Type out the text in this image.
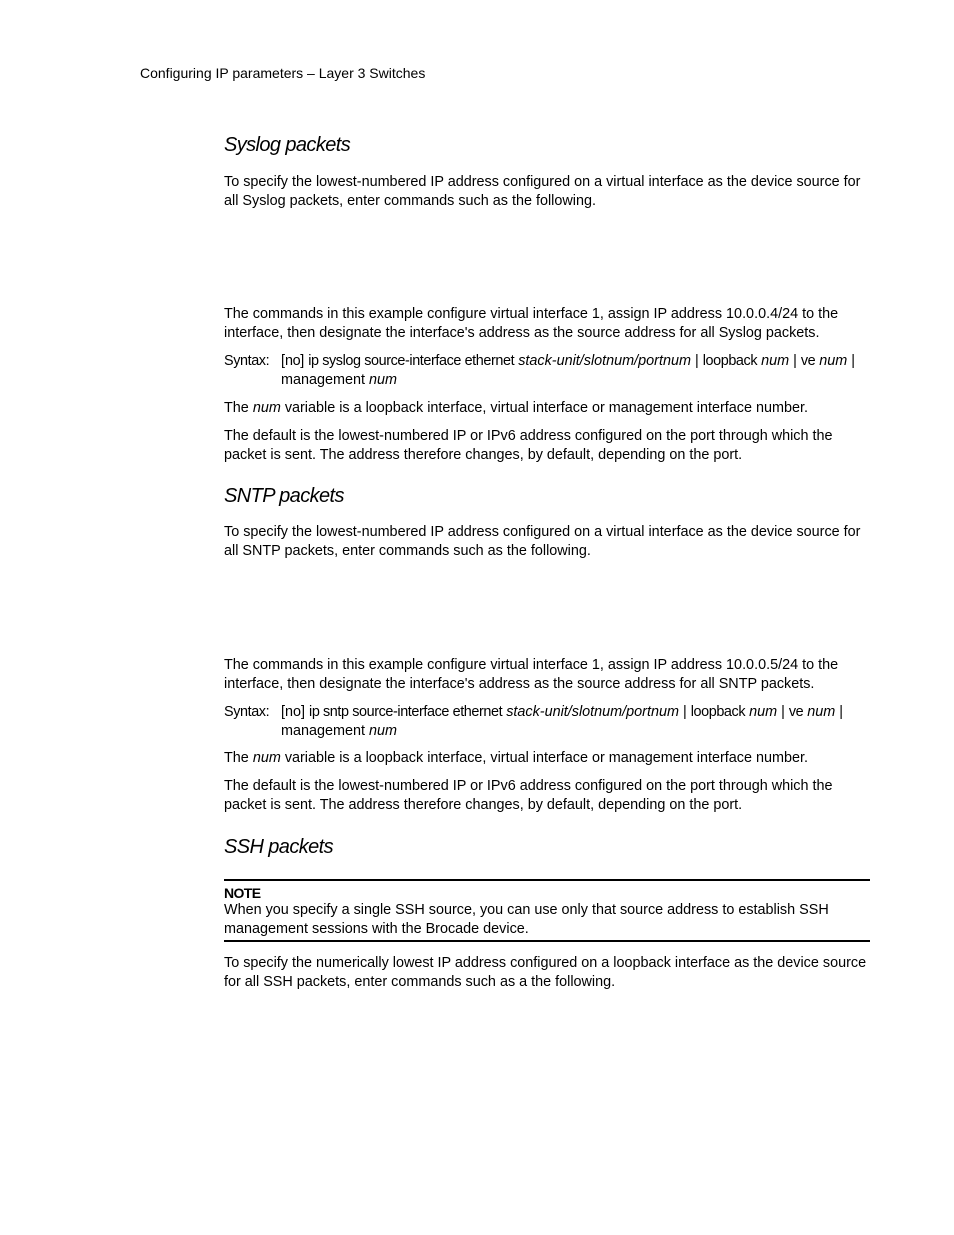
Configuring IP parameters – Layer 3 Switches
Syslog packets

To specify the lowest-numbered IP address configured on a virtual interface as the device source for all Syslog packets, enter commands such as the following.

The commands in this example configure virtual interface 1, assign IP address 10.0.0.4/24 to the interface, then designate the interface's address as the source address for all Syslog packets.

Syntax: [no] ip syslog source-interface ethernet stack-unit/slotnum/portnum | loopback num | ve num | management num

The num variable is a loopback interface, virtual interface or management interface number.

The default is the lowest-numbered IP or IPv6 address configured on the port through which the packet is sent. The address therefore changes, by default, depending on the port.

SNTP packets

To specify the lowest-numbered IP address configured on a virtual interface as the device source for all SNTP packets, enter commands such as the following.

The commands in this example configure virtual interface 1, assign IP address 10.0.0.5/24 to the interface, then designate the interface's address as the source address for all SNTP packets.

Syntax: [no] ip sntp source-interface ethernet stack-unit/slotnum/portnum | loopback num | ve num | management num

The num variable is a loopback interface, virtual interface or management interface number.

The default is the lowest-numbered IP or IPv6 address configured on the port through which the packet is sent. The address therefore changes, by default, depending on the port.

SSH packets
NOTE
When you specify a single SSH source, you can use only that source address to establish SSH management sessions with the Brocade device.

To specify the numerically lowest IP address configured on a loopback interface as the device source for all SSH packets, enter commands such as a the following.
